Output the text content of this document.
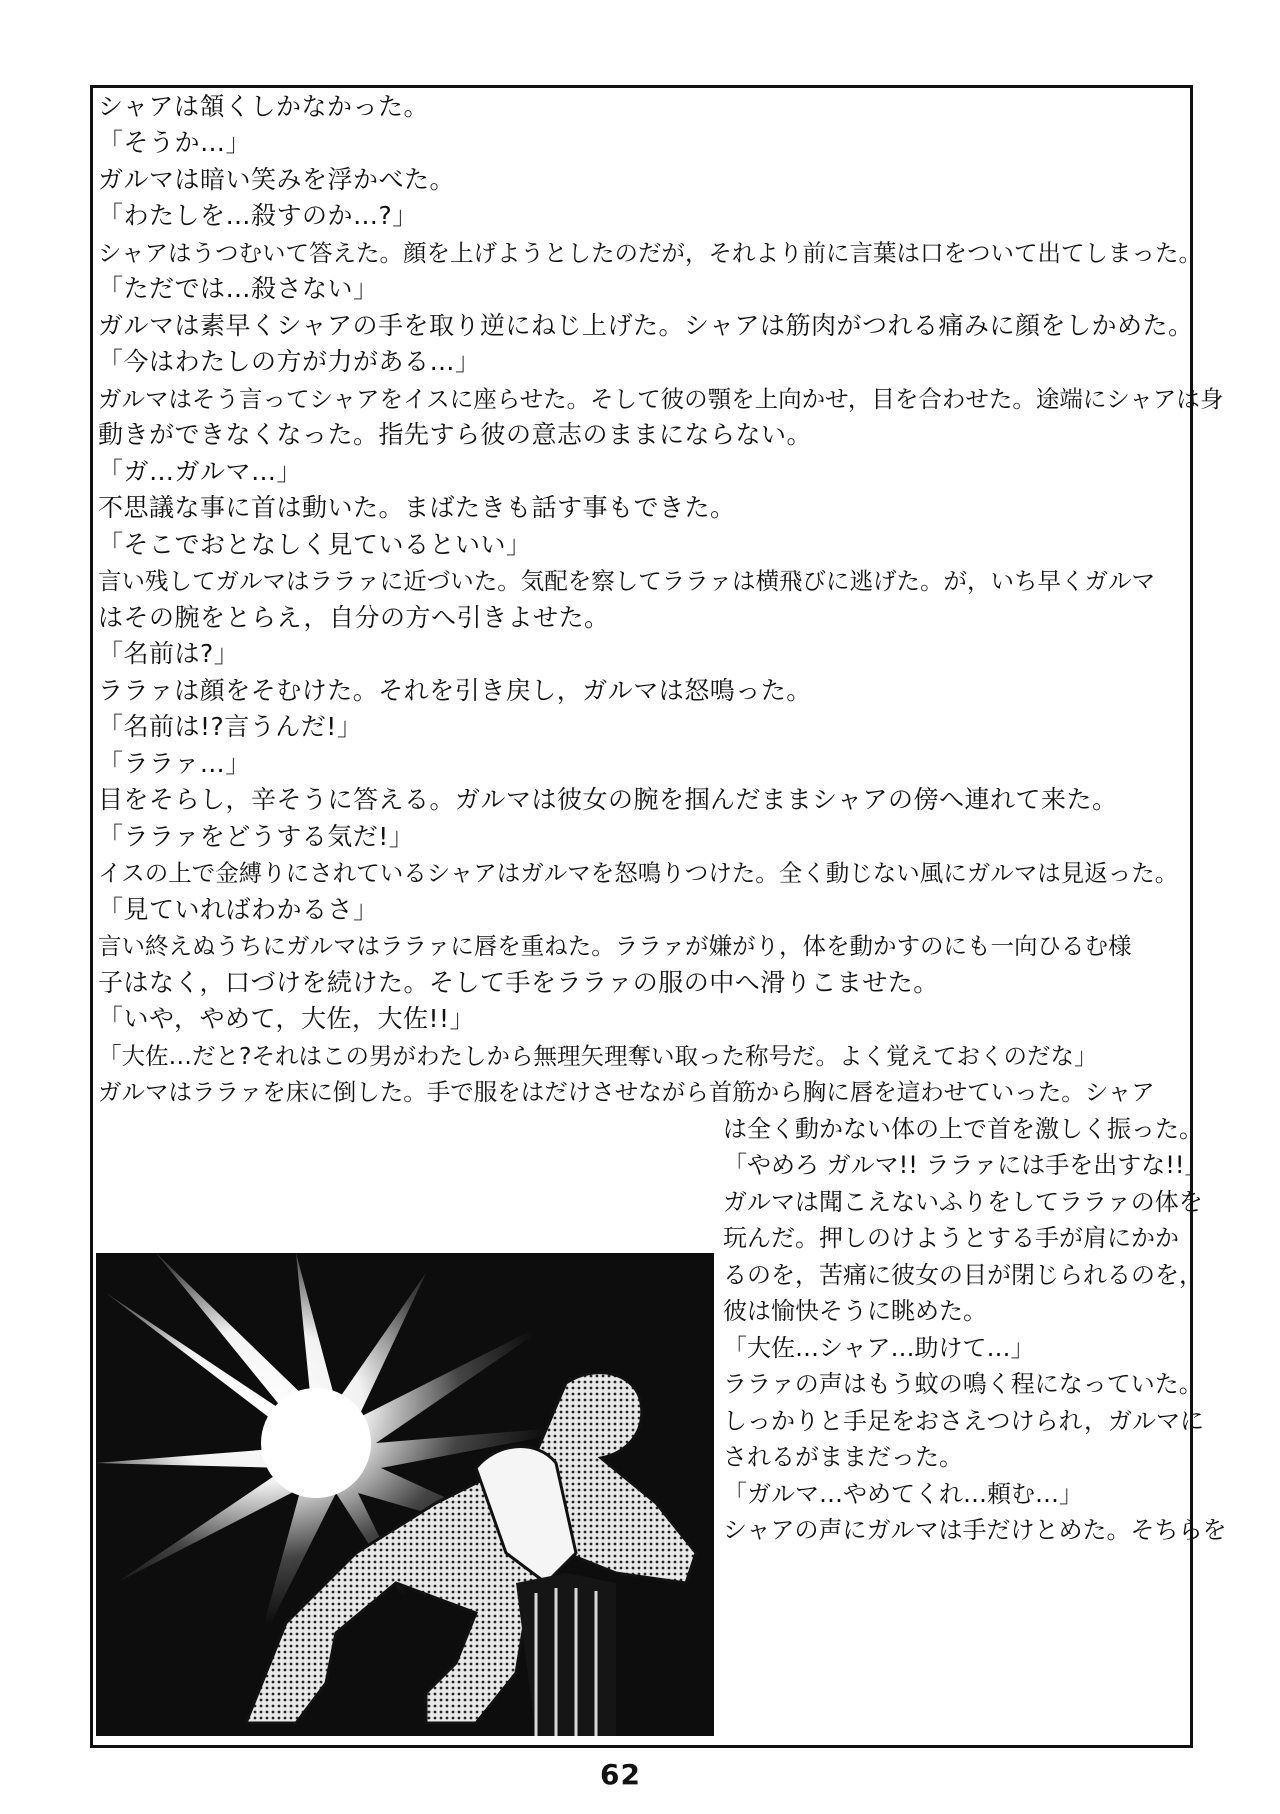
シャアは頷くしかなかった。
「そうか…」
ガルマは暗い笑みを浮かべた。
「わたしを…殺すのか…?」
シャアはうつむいて答えた。顔を上げようとしたのだが，それより前に言葉は口をついて出てしまった。
「ただでは…殺さない」
ガルマは素早くシャアの手を取り逆にねじ上げた。シャアは筋肉がつれる痛みに顔をしかめた。
「今はわたしの方が力がある…」
ガルマはそう言ってシャアをイスに座らせた。そして彼の顎を上向かせ，目を合わせた。途端にシャアは身
動きができなくなった。指先すら彼の意志のままにならない。
「ガ…ガルマ…」
不思議な事に首は動いた。まばたきも話す事もできた。
「そこでおとなしく見ているといい」
言い残してガルマはララァに近づいた。気配を察してララァは横飛びに逃げた。が，いち早くガルマ
はその腕をとらえ，自分の方へ引きよせた。
「名前は?」
ララァは顔をそむけた。それを引き戻し，ガルマは怒鳴った。
「名前は!?言うんだ!」
「ララァ…」
目をそらし，辛そうに答える。ガルマは彼女の腕を掴んだままシャアの傍へ連れて来た。
「ララァをどうする気だ!」
イスの上で金縛りにされているシャアはガルマを怒鳴りつけた。全く動じない風にガルマは見返った。
「見ていればわかるさ」
言い終えぬうちにガルマはララァに唇を重ねた。ララァが嫌がり，体を動かすのにも一向ひるむ様
子はなく，口づけを続けた。そして手をララァの服の中へ滑りこませた。
「いや，やめて，大佐，大佐!!」
「大佐…だと?それはこの男がわたしから無理矢理奪い取った称号だ。よく覚えておくのだな」
ガルマはララァを床に倒した。手で服をはだけさせながら首筋から胸に唇を這わせていった。シャア
は全く動かない体の上で首を激しく振った。
「やめろ ガルマ!! ララァには手を出すな!!」
ガルマは聞こえないふりをしてララァの体を
玩んだ。押しのけようとする手が肩にかか
るのを，苦痛に彼女の目が閉じられるのを，
彼は愉快そうに眺めた。
「大佐…シャア…助けて…」
ララァの声はもう蚊の鳴く程になっていた。
しっかりと手足をおさえつけられ，ガルマに
されるがままだった。
「ガルマ…やめてくれ…頼む…」
シャアの声にガルマは手だけとめた。そちらを
62
